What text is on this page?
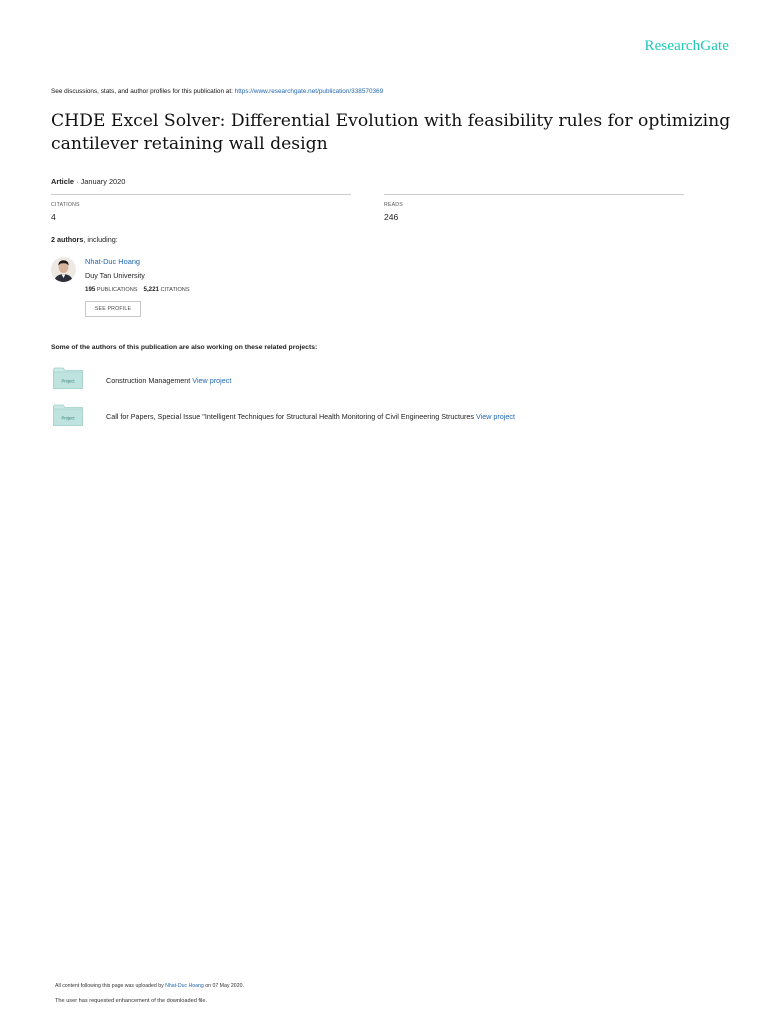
ResearchGate
See discussions, stats, and author profiles for this publication at: https://www.researchgate.net/publication/338570369
CHDE Excel Solver: Differential Evolution with feasibility rules for optimizing cantilever retaining wall design
Article · January 2020
CITATIONS
4
READS
246
2 authors, including:
Nhat-Duc Hoang
Duy Tan University
195 PUBLICATIONS 5,221 CITATIONS
SEE PROFILE
Some of the authors of this publication are also working on these related projects:
Project	Construction Management View project
Project	Call for Papers, Special Issue "Intelligent Techniques for Structural Health Monitoring of Civil Engineering Structures View project
All content following this page was uploaded by Nhat-Duc Hoang on 07 May 2020.
The user has requested enhancement of the downloaded file.
